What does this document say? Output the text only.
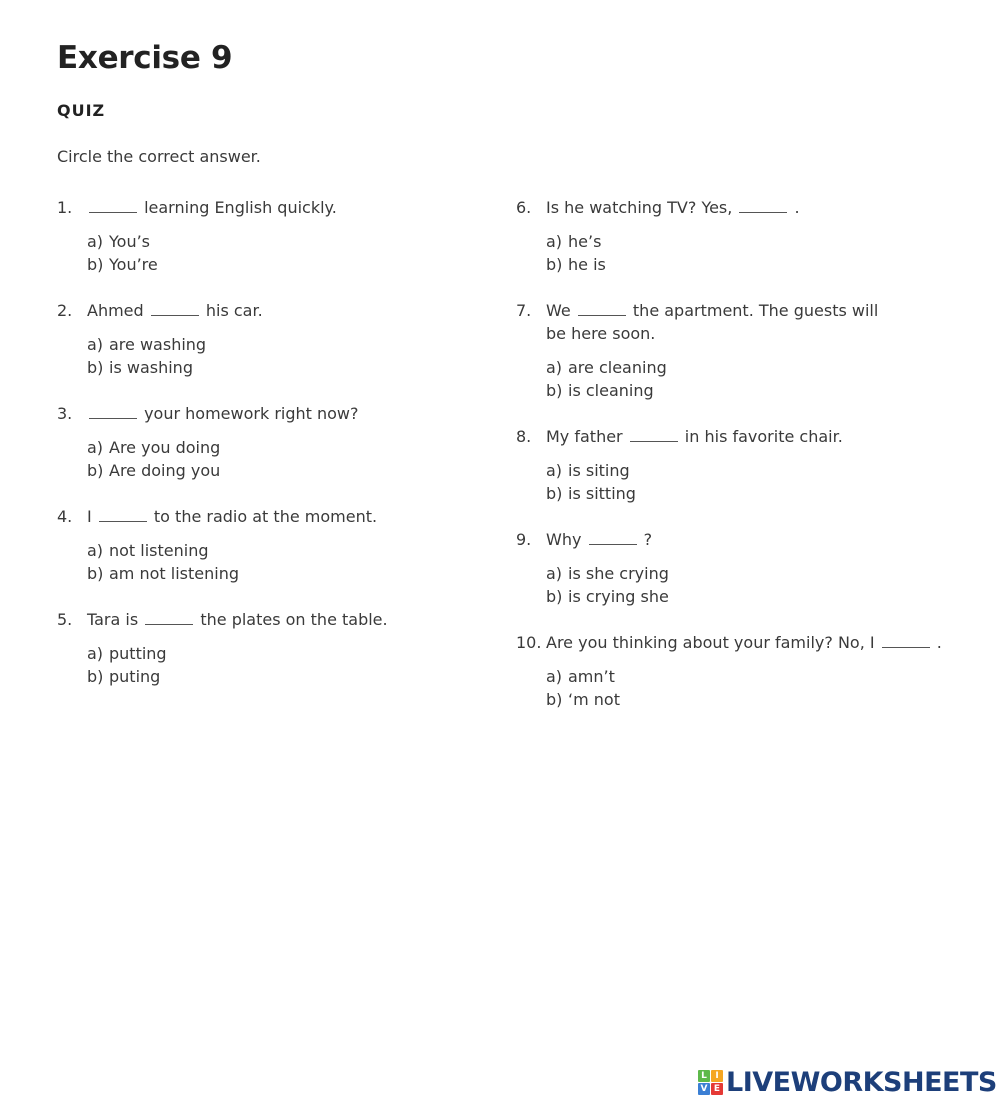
Exercise 9
QUIZ
Circle the correct answer.
1.	learning English quickly.
a) You’s
b) You’re
2. Ahmed	his car.
a) are washing
b) is washing
3.	your homework right now?
a) Are you doing
b) Are doing you
4. I	to the radio at the moment.
a) not listening
b) am not listening
5. Tara is	the plates on the table.
a) putting
b) puting
6. Is he watching TV? Yes,	.
a) he’s
b) he is
7. We	the apartment. The guests will be here soon.
a) are cleaning
b) is cleaning
8. My father	in his favorite chair.
a) is siting
b) is sitting
9. Why	?
a) is she crying
b) is crying she
10. Are you thinking about your family? No, I	.
a) amn’t
b) ‘m not
L I
V E LIVEWORKSHEETS
